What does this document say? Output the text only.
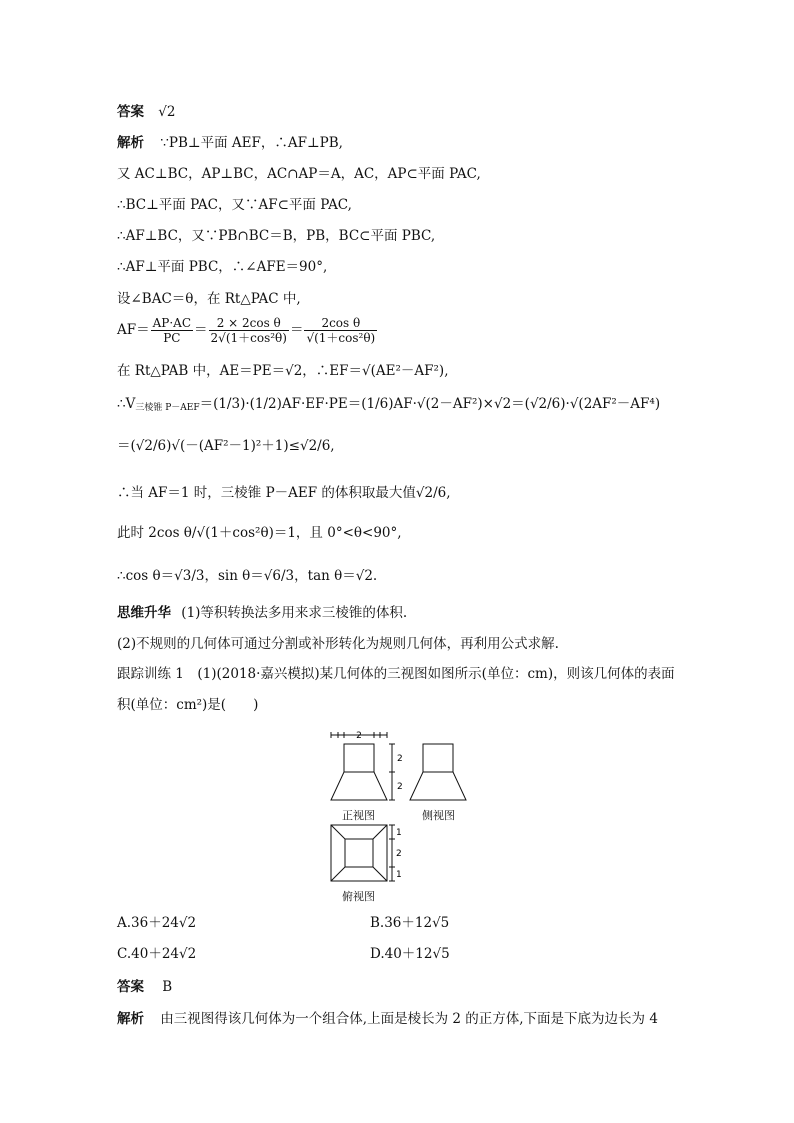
答案 √2
解析 ∵PB⊥平面 AEF，∴AF⊥PB,
又 AC⊥BC，AP⊥BC，AC∩AP＝A，AC，AP⊂平面 PAC,
∴BC⊥平面 PAC，又∵AF⊂平面 PAC,
∴AF⊥BC，又∵PB∩BC＝B，PB，BC⊂平面 PBC,
∴AF⊥平面 PBC，∴∠AFE＝90°,
设∠BAC＝θ，在 Rt△PAC 中,
$AF= \frac{AP\cdot AC}{PC} = \frac{\text{2 × 2cos θ}}{\text{2√(1＋cos²θ)}} = \frac{\text{2cos θ}}{\text{√(1＋cos²θ)}}$
在 Rt△PAB 中，AE＝PE＝√2，∴EF＝√(AE²－AF²),
$\therefore V_{三棱锥 P-AEF}=(1/3)\cdot(1/2)AF\cdot EF\cdot PE=(1/6)AF\cdot√(2-AF^2)\times√2=(√2/6)\cdot√(2AF^2-AF^4)$
＝(√2/6)√(－(AF²－1)²＋1)≤√2/6,
∴当 AF＝1 时，三棱锥 P－AEF 的体积取最大值√2/6,
此时 2cos θ/√(1＋cos²θ)＝1，且 0°<θ<90°,
∴cos θ＝√3/3，sin θ＝√6/3，tan θ＝√2.
思维升华 (1)等积转换法多用来求三棱锥的体积.
(2)不规则的几何体可通过分割或补形转化为规则几何体，再利用公式求解.
跟踪训练 1　(1)(2018·嘉兴模拟)某几何体的三视图如图所示(单位：cm)，则该几何体的表面
积(单位：cm²)是(　　)
2
2
2
1
2
1
正视图	侧视图
俯视图
A.36＋24√2	B.36＋12√5
C.40＋24√2	D.40＋12√5
答案 B
解析 由三视图得该几何体为一个组合体,上面是棱长为 2 的正方体,下面是下底为边长为 4
